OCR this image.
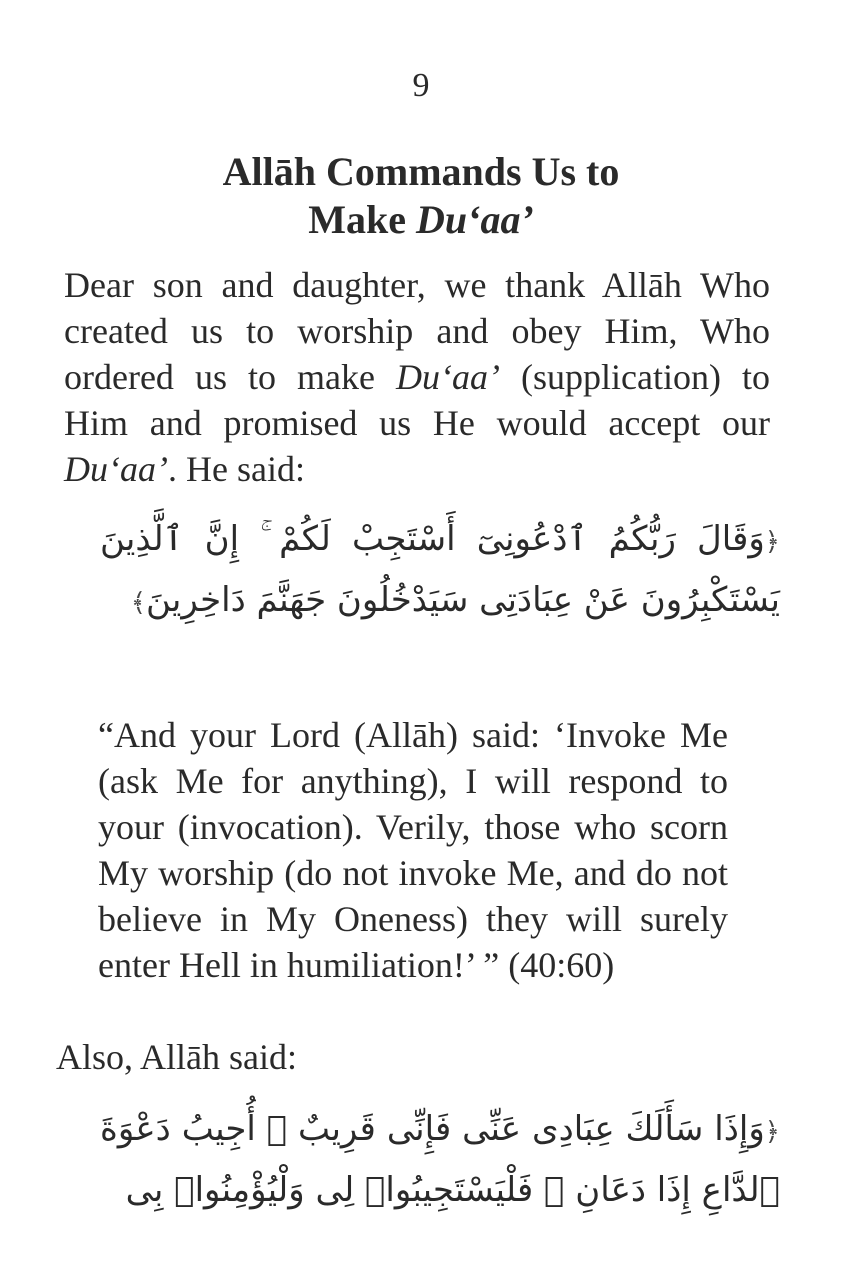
9
Allāh Commands Us to
Make Du‘aa’

Dear son and daughter, we thank Allāh Who created us to worship and obey Him, Who ordered us to make Du‘aa’ (supplication) to Him and promised us He would accept our Du‘aa’. He said:

﴿وَقَالَ رَبُّكُمُ ٱدْعُونِىٓ أَسْتَجِبْ لَكُمْ ۚ إِنَّ ٱلَّذِينَ يَسْتَكْبِرُونَ عَنْ عِبَادَتِى سَيَدْخُلُونَ جَهَنَّمَ دَاخِرِينَ﴾

“And your Lord (Allāh) said: ‘Invoke Me (ask Me for anything), I will respond to your (invocation). Verily, those who scorn My worship (do not invoke Me, and do not believe in My Oneness) they will surely enter Hell in humiliation!’ ” (40:60)

Also, Allāh said:

﴿وَإِذَا سَأَلَكَ عِبَادِى عَنِّى فَإِنِّى قَرِيبٌ ۖ أُجِيبُ دَعْوَةَ ٱلدَّاعِ إِذَا دَعَانِ ۖ فَلْيَسْتَجِيبُوا۟ لِى وَلْيُؤْمِنُوا۟ بِى
